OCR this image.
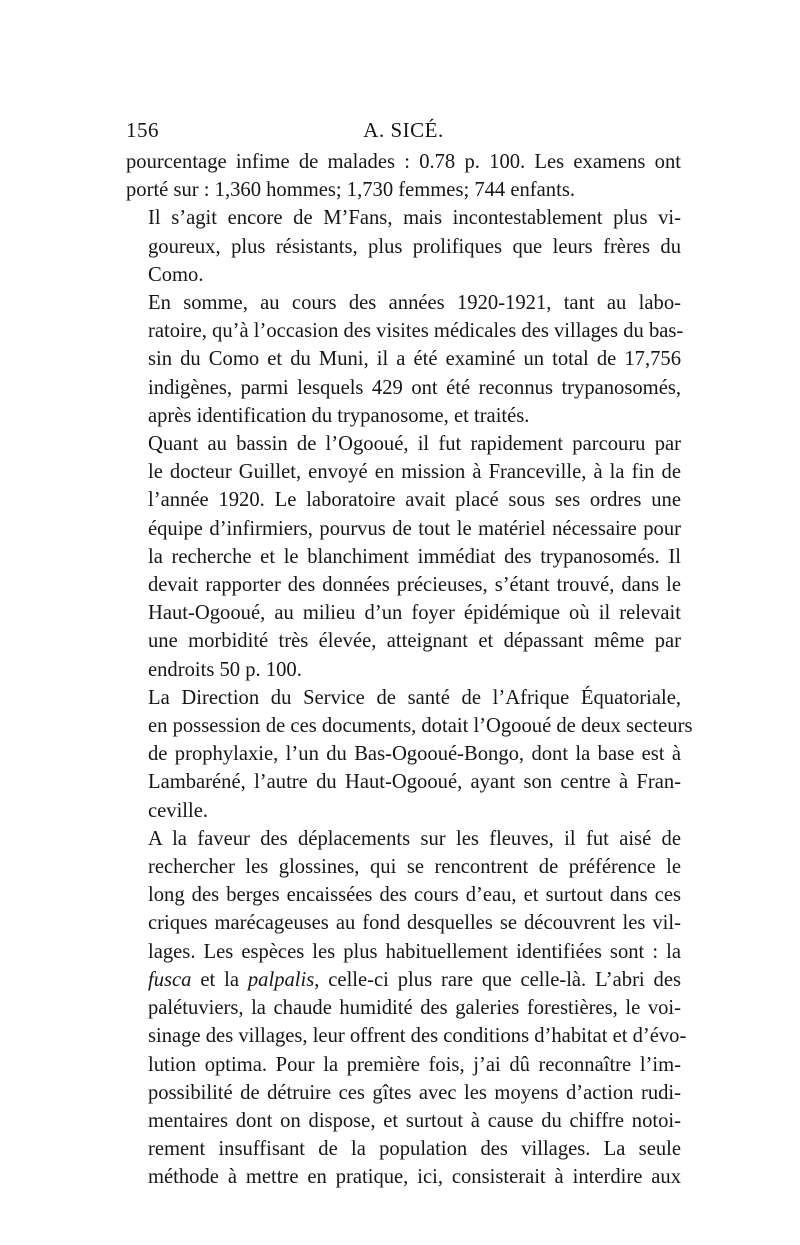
156	A. SICÉ.

pourcentage infime de malades : 0.78 p. 100. Les examens ont
porté sur : 1,360 hommes; 1,730 femmes; 744 enfants.

Il s’agit encore de M’Fans, mais incontestablement plus vi-
goureux, plus résistants, plus prolifiques que leurs frères du
Como.

En somme, au cours des années 1920-1921, tant au labo-
ratoire, qu’à l’occasion des visites médicales des villages du bas-
sin du Como et du Muni, il a été examiné un total de 17,756
indigènes, parmi lesquels 429 ont été reconnus trypanosomés,
après identification du trypanosome, et traités.

Quant au bassin de l’Ogooué, il fut rapidement parcouru par
le docteur Guillet, envoyé en mission à Franceville, à la fin de
l’année 1920. Le laboratoire avait placé sous ses ordres une
équipe d’infirmiers, pourvus de tout le matériel nécessaire pour
la recherche et le blanchiment immédiat des trypanosomés. Il
devait rapporter des données précieuses, s’étant trouvé, dans le
Haut-Ogooué, au milieu d’un foyer épidémique où il relevait
une morbidité très élevée, atteignant et dépassant même par
endroits 50 p. 100.

La Direction du Service de santé de l’Afrique Équatoriale,
en possession de ces documents, dotait l’Ogooué de deux secteurs
de prophylaxie, l’un du Bas-Ogooué-Bongo, dont la base est à
Lambaréné, l’autre du Haut-Ogooué, ayant son centre à Fran-
ceville.

A la faveur des déplacements sur les fleuves, il fut aisé de
rechercher les glossines, qui se rencontrent de préférence le
long des berges encaissées des cours d’eau, et surtout dans ces
criques marécageuses au fond desquelles se découvrent les vil-
lages. Les espèces les plus habituellement identifiées sont : la
fusca et la palpalis, celle-ci plus rare que celle-là. L’abri des
palétuviers, la chaude humidité des galeries forestières, le voi-
sinage des villages, leur offrent des conditions d’habitat et d’évo-
lution optima. Pour la première fois, j’ai dû reconnaître l’im-
possibilité de détruire ces gîtes avec les moyens d’action rudi-
mentaires dont on dispose, et surtout à cause du chiffre notoi-
rement insuffisant de la population des villages. La seule
méthode à mettre en pratique, ici, consisterait à interdire aux
